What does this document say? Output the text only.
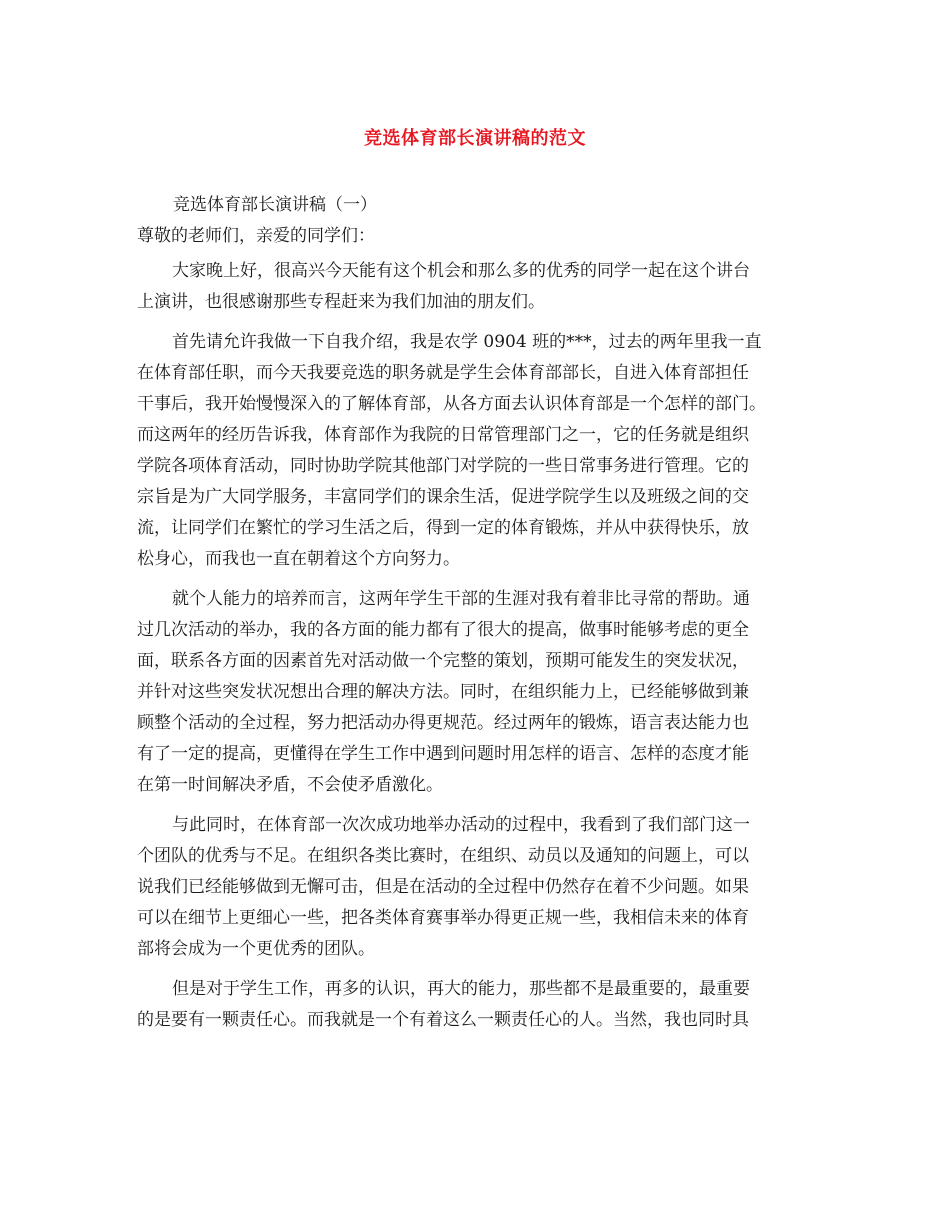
竞选体育部长演讲稿的范文
竞选体育部长演讲稿（一）
尊敬的老师们，亲爱的同学们：
大家晚上好，很高兴今天能有这个机会和那么多的优秀的同学一起在这个讲台
上演讲，也很感谢那些专程赶来为我们加油的朋友们。
首先请允许我做一下自我介绍，我是农学 0904 班的***，过去的两年里我一直
在体育部任职，而今天我要竞选的职务就是学生会体育部部长，自进入体育部担任
干事后，我开始慢慢深入的了解体育部，从各方面去认识体育部是一个怎样的部门。
而这两年的经历告诉我，体育部作为我院的日常管理部门之一，它的任务就是组织
学院各项体育活动，同时协助学院其他部门对学院的一些日常事务进行管理。它的
宗旨是为广大同学服务，丰富同学们的课余生活，促进学院学生以及班级之间的交
流，让同学们在繁忙的学习生活之后，得到一定的体育锻炼，并从中获得快乐，放
松身心，而我也一直在朝着这个方向努力。
就个人能力的培养而言，这两年学生干部的生涯对我有着非比寻常的帮助。通
过几次活动的举办，我的各方面的能力都有了很大的提高，做事时能够考虑的更全
面，联系各方面的因素首先对活动做一个完整的策划，预期可能发生的突发状况，
并针对这些突发状况想出合理的解决方法。同时，在组织能力上，已经能够做到兼
顾整个活动的全过程，努力把活动办得更规范。经过两年的锻炼，语言表达能力也
有了一定的提高，更懂得在学生工作中遇到问题时用怎样的语言、怎样的态度才能
在第一时间解决矛盾，不会使矛盾激化。
与此同时，在体育部一次次成功地举办活动的过程中，我看到了我们部门这一
个团队的优秀与不足。在组织各类比赛时，在组织、动员以及通知的问题上，可以
说我们已经能够做到无懈可击，但是在活动的全过程中仍然存在着不少问题。如果
可以在细节上更细心一些，把各类体育赛事举办得更正规一些，我相信未来的体育
部将会成为一个更优秀的团队。
但是对于学生工作，再多的认识，再大的能力，那些都不是最重要的，最重要
的是要有一颗责任心。而我就是一个有着这么一颗责任心的人。当然，我也同时具
